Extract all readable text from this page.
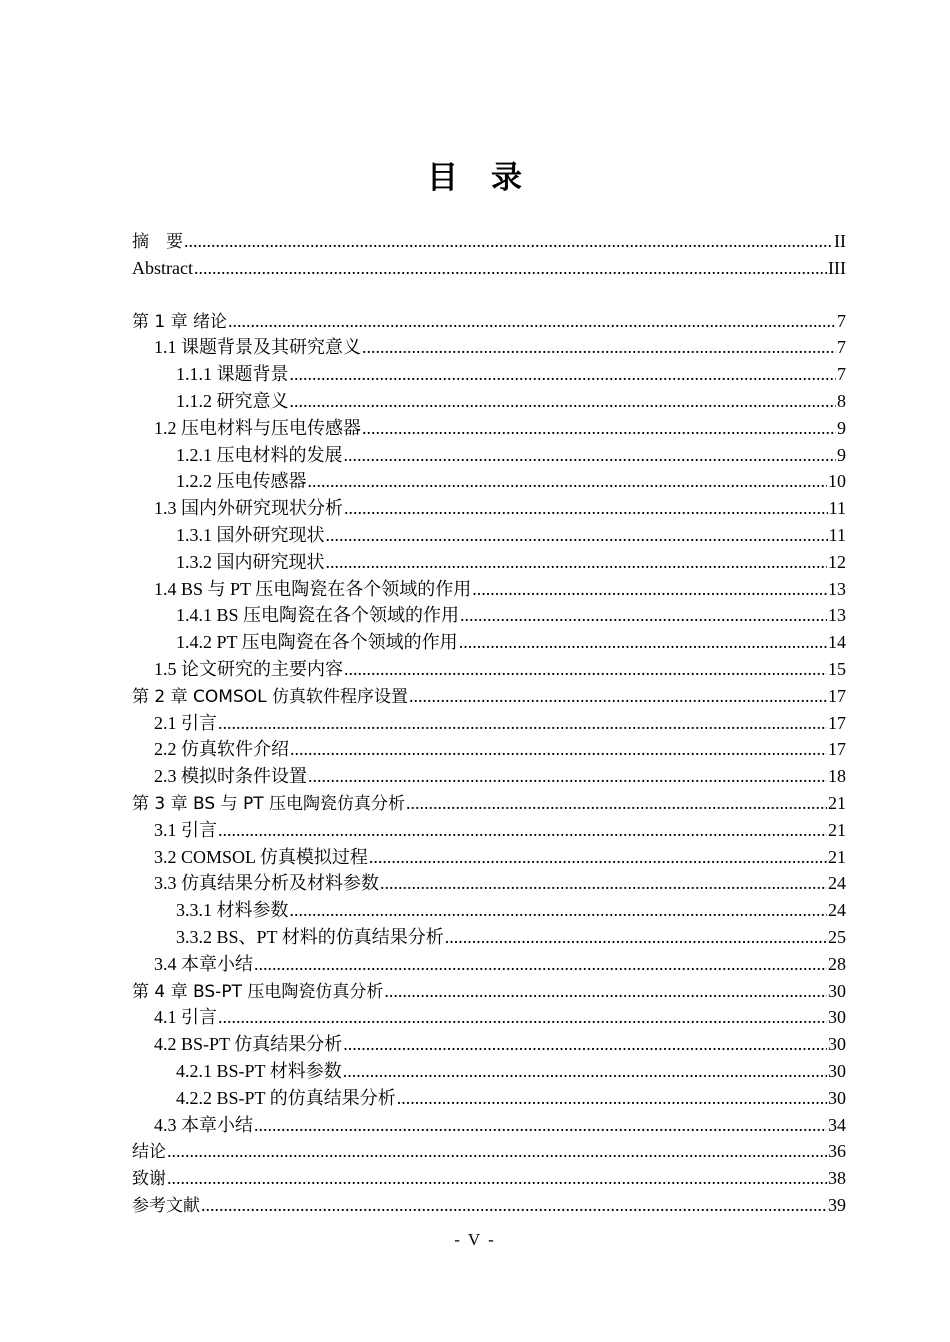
目　录
摘　要 .....	II
Abstract .....	III
第 1 章 绪论 .....	7
1.1 课题背景及其研究意义 .....	7
1.1.1 课题背景 .....	7
1.1.2 研究意义 .....	8
1.2 压电材料与压电传感器 .....	9
1.2.1 压电材料的发展 .....	9
1.2.2 压电传感器 .....	10
1.3 国内外研究现状分析 .....	11
1.3.1 国外研究现状 .....	11
1.3.2 国内研究现状 .....	12
1.4 BS 与 PT 压电陶瓷在各个领域的作用 .....	13
1.4.1 BS 压电陶瓷在各个领域的作用 .....	13
1.4.2 PT 压电陶瓷在各个领域的作用 .....	14
1.5 论文研究的主要内容 .....	15
第 2 章 COMSOL 仿真软件程序设置 .....	17
2.1 引言 .....	17
2.2 仿真软件介绍 .....	17
2.3 模拟时条件设置 .....	18
第 3 章 BS 与 PT 压电陶瓷仿真分析 .....	21
3.1 引言 .....	21
3.2 COMSOL 仿真模拟过程 .....	21
3.3 仿真结果分析及材料参数 .....	24
3.3.1 材料参数 .....	24
3.3.2 BS、PT 材料的仿真结果分析 .....	25
3.4 本章小结 .....	28
第 4 章 BS-PT 压电陶瓷仿真分析 .....	30
4.1 引言 .....	30
4.2 BS-PT 仿真结果分析 .....	30
4.2.1 BS-PT 材料参数 .....	30
4.2.2 BS-PT 的仿真结果分析 .....	30
4.3 本章小结 .....	34
结论 .....	36
致谢 .....	38
参考文献 .....	39
- V -
